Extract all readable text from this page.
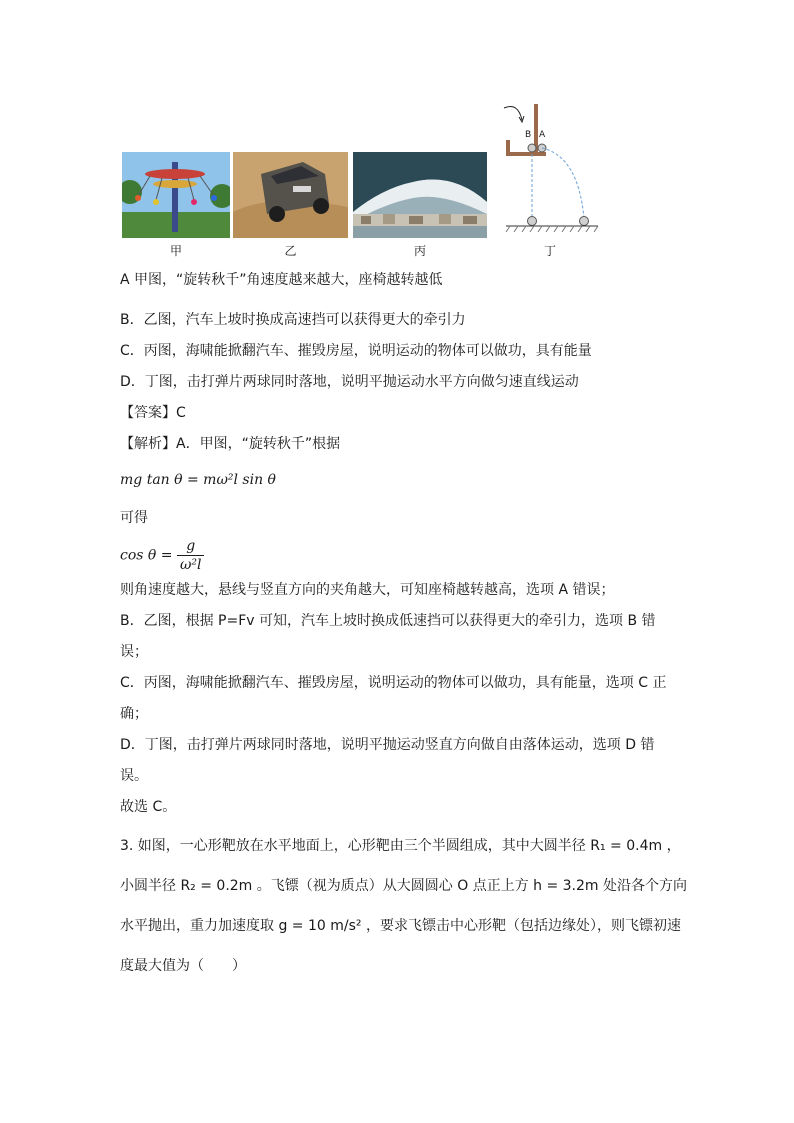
甲	乙	丙
B A
丁
A 甲图，“旋转秋千”角速度越来越大，座椅越转越低
B．乙图，汽车上坡时换成高速挡可以获得更大的牵引力
C．丙图，海啸能掀翻汽车、摧毁房屋，说明运动的物体可以做功，具有能量
D．丁图，击打弹片两球同时落地，说明平抛运动水平方向做匀速直线运动
【答案】C
【解析】A．甲图，“旋转秋千”根据
mg tan θ = mω²l sin θ
可得
$\cos \theta = \frac{g}{\text{ω²l}}$
则角速度越大，悬线与竖直方向的夹角越大，可知座椅越转越高，选项 A 错误；
B．乙图，根据 P=Fv 可知，汽车上坡时换成低速挡可以获得更大的牵引力，选项 B 错
误；
C．丙图，海啸能掀翻汽车、摧毁房屋，说明运动的物体可以做功，具有能量，选项 C 正
确；
D．丁图，击打弹片两球同时落地，说明平抛运动竖直方向做自由落体运动，选项 D 错
误。
故选 C。
3. 如图，一心形靶放在水平地面上，心形靶由三个半圆组成，其中大圆半径 R₁ = 0.4m ，
小圆半径 R₂ = 0.2m 。飞镖（视为质点）从大圆圆心 O 点正上方 h = 3.2m 处沿各个方向
水平抛出，重力加速度取 g = 10 m/s² ，要求飞镖击中心形靶（包括边缘处），则飞镖初速
度最大值为（　　）
